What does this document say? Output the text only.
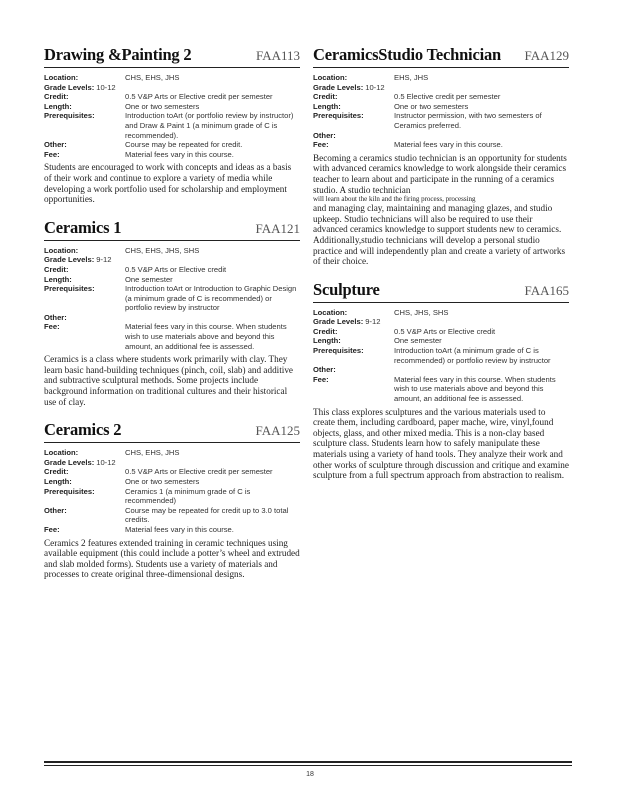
Drawing &Painting 2	FAA113
Location:	CHS, EHS, JHS
Grade Levels: 10-12
Credit:	0.5 V&P Arts or Elective credit per semester
Length:	One or two semesters
Prerequisites:	Introduction toArt (or portfolio review by instructor) and Draw & Paint 1 (a minimum grade of C is recommended).
Other:	Course may be repeated for credit.
Fee:	Material fees vary in this course.

Students are encouraged to work with concepts and ideas as a basis of their work and continue to explore a variety of media while developing a work portfolio used for scholarship and employment opportunities.

Ceramics 1	FAA121
Location:	CHS, EHS, JHS, SHS
Grade Levels: 9-12
Credit:	0.5 V&P Arts or Elective credit
Length:	One semester
Prerequisites:	Introduction toArt or Introduction to Graphic Design (a minimum grade of C is recommended) or portfolio review by instructor
Other:
Fee:	Material fees vary in this course. When students wish to use materials above and beyond this amount, an additional fee is assessed.

Ceramics is a class where students work primarily with clay. They learn basic hand-building techniques (pinch, coil, slab) and additive and subtractive sculptural methods. Some projects include background information on traditional cultures and their historical use of clay.

Ceramics 2	FAA125
Location:	CHS, EHS, JHS
Grade Levels: 10-12
Credit:	0.5 V&P Arts or Elective credit per semester
Length:	One or two semesters
Prerequisites:	Ceramics 1 (a minimum grade of C is recommended)
Other:	Course may be repeated for credit up to 3.0 total credits.
Fee:	Material fees vary in this course.

Ceramics 2 features extended training in ceramic techniques using available equipment (this could include a potter’s wheel and extruded and slab molded forms). Students use a variety of materials and processes to create original three-dimensional designs.

CeramicsStudio Technician FAA129
Location:	EHS, JHS
Grade Levels: 10-12
Credit:	0.5 Elective credit per semester
Length:	One or two semesters
Prerequisites:	Instructor permission, with two semesters of Ceramics preferred.
Other:
Fee:	Material fees vary in this course.

Becoming a ceramics studio technician is an opportunity for students with advanced ceramics knowledge to work alongside their ceramics teacher to learn about and participate in the running of a ceramics studio. A studio technician
will learn about the kiln and the firing process, processing
and managing clay, maintaining and managing glazes, and studio upkeep. Studio technicians will also be required to use their advanced ceramics knowledge to support students new to ceramics. Additionally,studio technicians will develop a personal studio practice and will independently plan and create a variety of artworks of their choice.

Sculpture	FAA165
Location:	CHS, JHS, SHS
Grade Levels: 9-12
Credit:	0.5 V&P Arts or Elective credit
Length:	One semester
Prerequisites:	Introduction toArt (a minimum grade of C is recommended) or portfolio review by instructor
Other:
Fee:	Material fees vary in this course. When students wish to use materials above and beyond this amount, an additional fee is assessed.

This class explores sculptures and the various materials used to create them, including cardboard, paper mache, wire, vinyl,found objects, glass, and other mixed media. This is a non-clay based sculpture class. Students learn how to safely manipulate these materials using a variety of hand tools. They analyze their work and other works of sculpture through discussion and critique and examine sculpture from a full spectrum approach from abstraction to realism.

18
